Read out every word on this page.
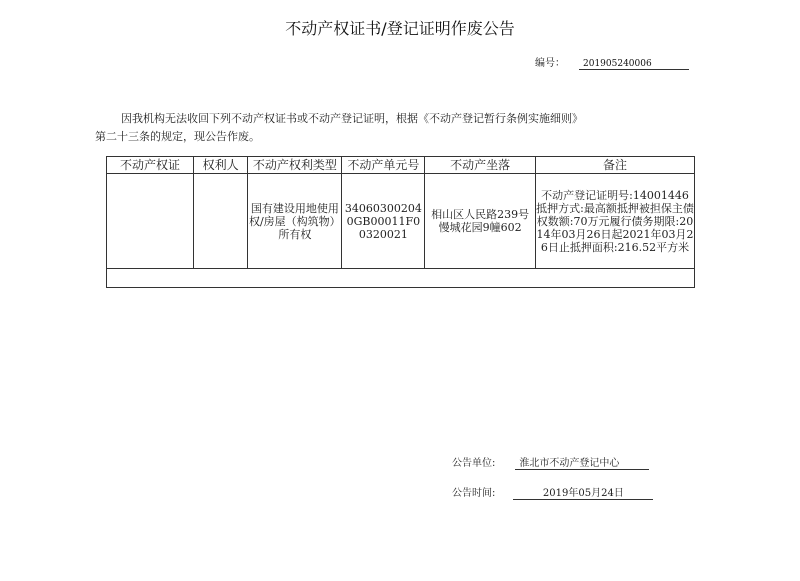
不动产权证书/登记证明作废公告
编号： 201905240006
因我机构无法收回下列不动产权证书或不动产登记证明，根据《不动产登记暂行条例实施细则》
第二十三条的规定，现公告作废。
不动产权证	权利人	不动产权利类型	不动产单元号	不动产坐落	备注
		国有建设用地使用权/房屋（构筑物）所有权	340603002040GB00011F00320021	相山区人民路239号慢城花园9幢602	不动产登记证明号:14001446抵押方式:最高额抵押被担保主债权数额:70万元履行债务期限:2014年03月26日起2021年03月26日止抵押面积:216.52平方米

公告单位: 淮北市不动产登记中心
公告时间:	2019年05月24日
